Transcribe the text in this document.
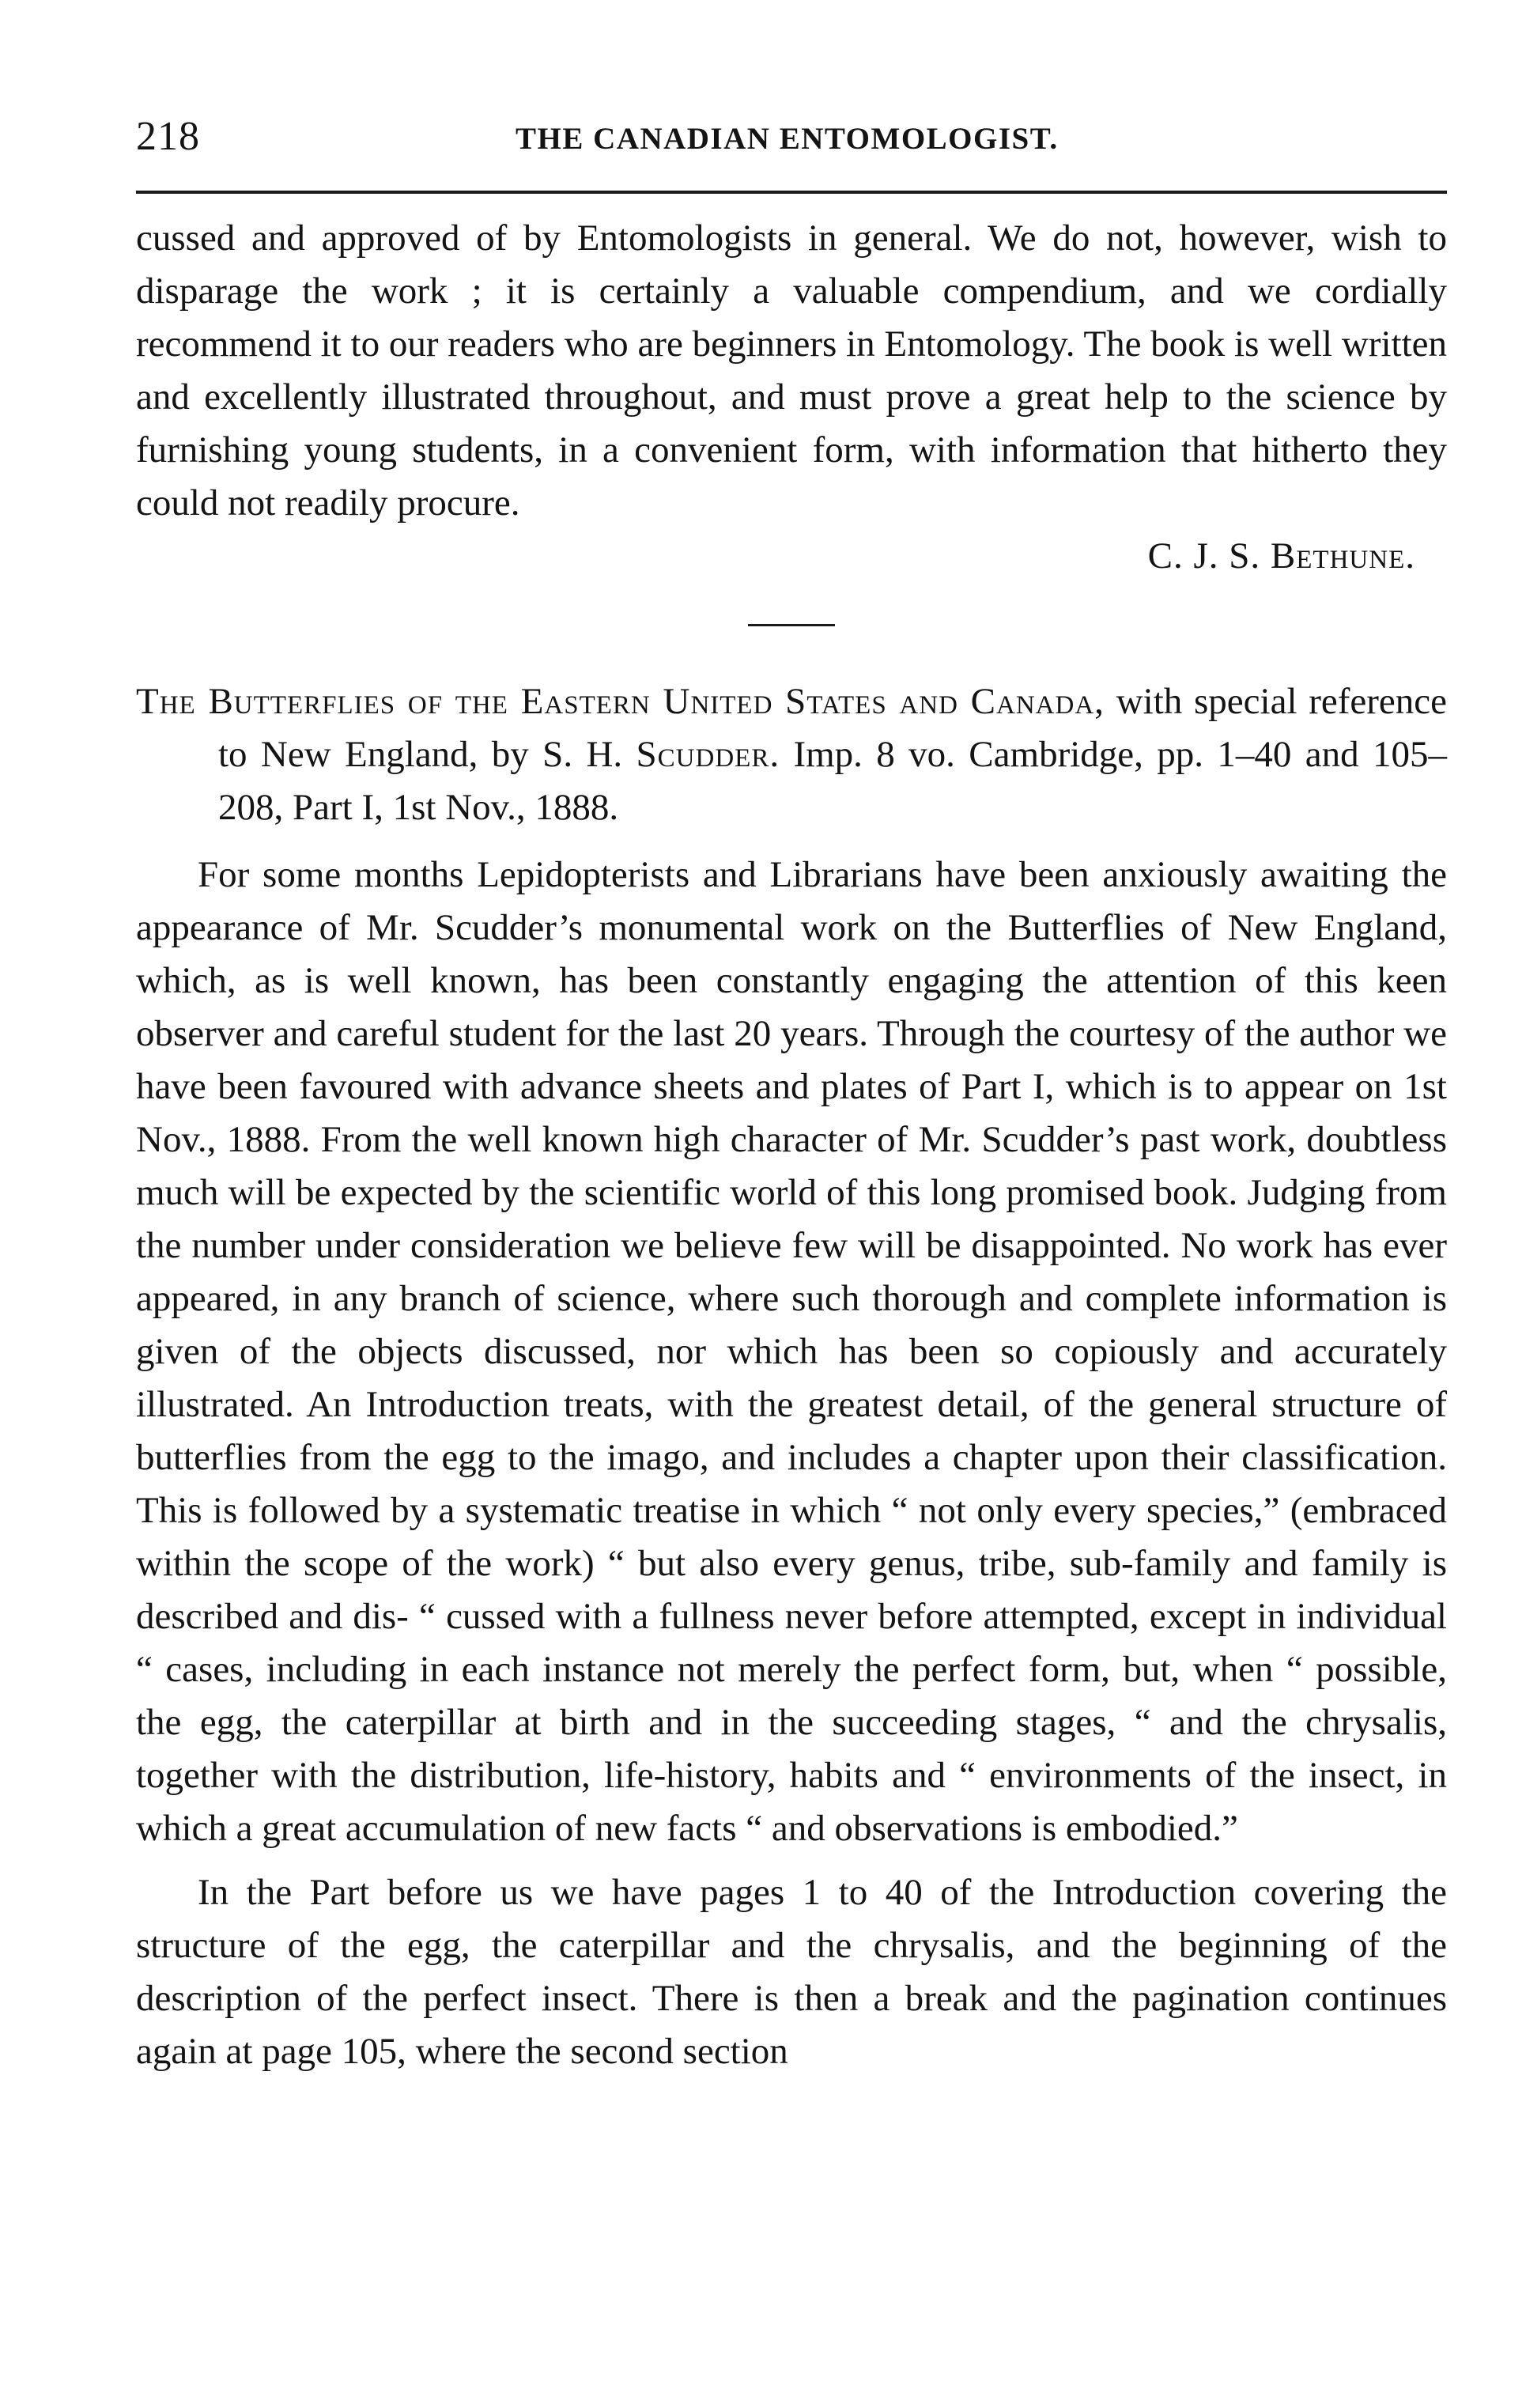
218	THE CANADIAN ENTOMOLOGIST.

cussed and approved of by Entomologists in general. We do not, however, wish to disparage the work ; it is certainly a valuable compendium, and we cordially recommend it to our readers who are beginners in Entomology. The book is well written and excellently illustrated throughout, and must prove a great help to the science by furnishing young students, in a convenient form, with information that hitherto they could not readily procure.

C. J. S. Bethune.

The Butterflies of the Eastern United States and Canada, with special reference to New England, by S. H. Scudder. Imp. 8 vo. Cambridge, pp. 1–40 and 105–208, Part I, 1st Nov., 1888.

For some months Lepidopterists and Librarians have been anxiously awaiting the appearance of Mr. Scudder’s monumental work on the Butterflies of New England, which, as is well known, has been constantly engaging the attention of this keen observer and careful student for the last 20 years. Through the courtesy of the author we have been favoured with advance sheets and plates of Part I, which is to appear on 1st Nov., 1888. From the well known high character of Mr. Scudder’s past work, doubtless much will be expected by the scientific world of this long promised book. Judging from the number under consideration we believe few will be disappointed. No work has ever appeared, in any branch of science, where such thorough and complete information is given of the objects discussed, nor which has been so copiously and accurately illustrated. An Introduction treats, with the greatest detail, of the general structure of butterflies from the egg to the imago, and includes a chapter upon their classification. This is followed by a systematic treatise in which “ not only every species,” (embraced within the scope of the work) “ but also every genus, tribe, sub-family and family is described and dis- “ cussed with a fullness never before attempted, except in individual “ cases, including in each instance not merely the perfect form, but, when “ possible, the egg, the caterpillar at birth and in the succeeding stages, “ and the chrysalis, together with the distribution, life-history, habits and “ environments of the insect, in which a great accumulation of new facts “ and observations is embodied.”

In the Part before us we have pages 1 to 40 of the Introduction covering the structure of the egg, the caterpillar and the chrysalis, and the beginning of the description of the perfect insect. There is then a break and the pagination continues again at page 105, where the second section
